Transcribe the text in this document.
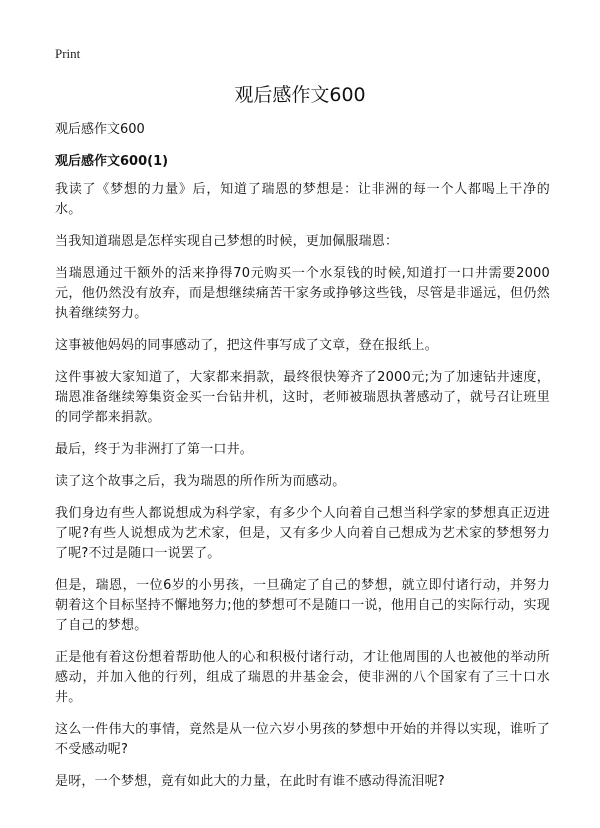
Print
观后感作文600

观后感作文600

观后感作文600(1)

我读了《梦想的力量》后，知道了瑞恩的梦想是：让非洲的每一个人都喝上干净的水。

当我知道瑞恩是怎样实现自己梦想的时候，更加佩服瑞恩：

当瑞恩通过干额外的活来挣得70元购买一个水泵钱的时候,知道打一口井需要2000元，他仍然没有放弃，而是想继续痛苦干家务或挣够这些钱，尽管是非遥远，但仍然执着继续努力。

这事被他妈妈的同事感动了，把这件事写成了文章，登在报纸上。

这件事被大家知道了，大家都来捐款，最终很快筹齐了2000元;为了加速钻井速度，瑞恩准备继续筹集资金买一台钻井机，这时，老师被瑞恩执著感动了，就号召让班里的同学都来捐款。

最后，终于为非洲打了第一口井。

读了这个故事之后，我为瑞恩的所作所为而感动。

我们身边有些人都说想成为科学家，有多少个人向着自己想当科学家的梦想真正迈进了呢?有些人说想成为艺术家，但是，又有多少人向着自己想成为艺术家的梦想努力了呢?不过是随口一说罢了。

但是，瑞恩，一位6岁的小男孩，一旦确定了自己的梦想，就立即付诸行动，并努力朝着这个目标坚持不懈地努力;他的梦想可不是随口一说，他用自己的实际行动，实现了自己的梦想。

正是他有着这份想着帮助他人的心和积极付诸行动，才让他周围的人也被他的举动所感动，并加入他的行列，组成了瑞恩的井基金会，使非洲的八个国家有了三十口水井。

这么一件伟大的事情，竟然是从一位六岁小男孩的梦想中开始的并得以实现，谁听了不受感动呢?

是呀，一个梦想，竟有如此大的力量，在此时有谁不感动得流泪呢?
